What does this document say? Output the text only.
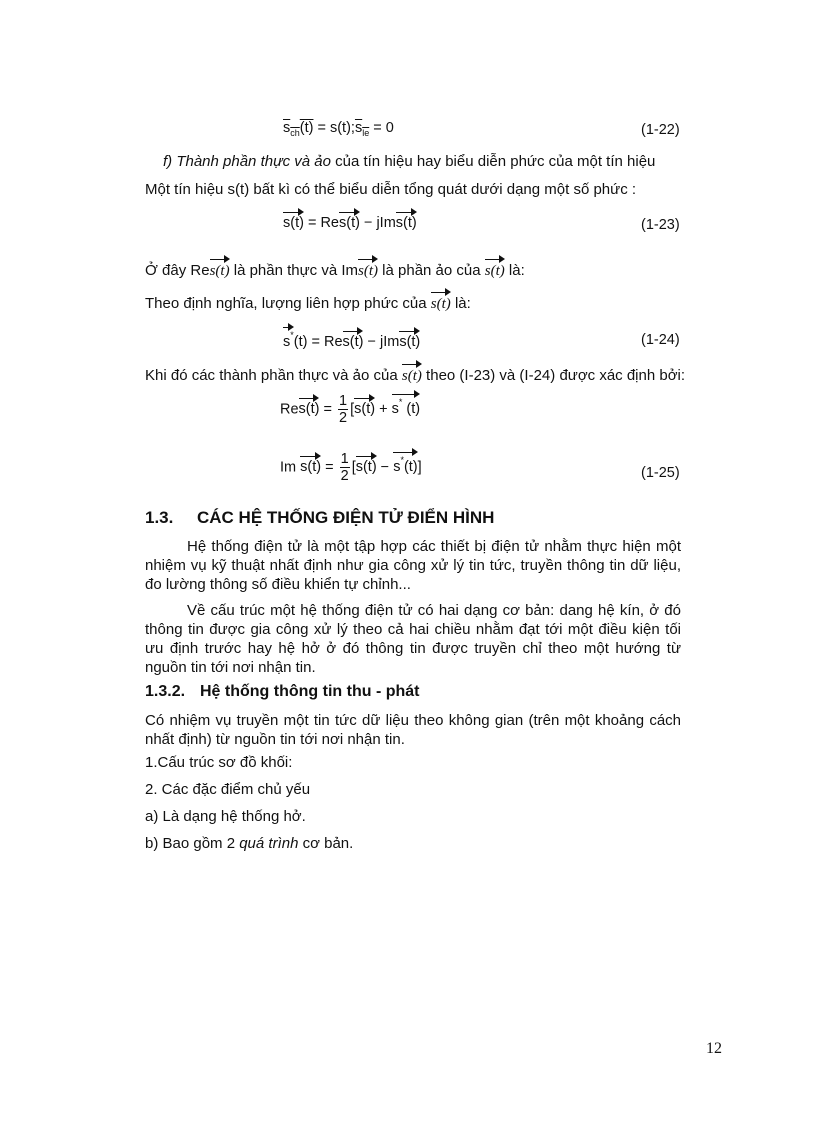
$s_{ch}(t)$ = $s(t);s_{le} = 0$	(1-22)
f) Thành phần thực và ảo của tín hiệu hay biểu diễn phức của một tín hiệu
Một tín hiệu s(t) bất kì có thể biểu diễn tổng quát dưới dạng một số phức :
s(t) = Res(t) − jIms(t)	(1-23)
Ở đây Res(t) là phần thực và Ims(t) là phần ảo của s(t) là:
Theo định nghĩa, lượng liên hợp phức của s(t) là:
s*(t) = Res(t) − jIms(t)	(1-24)
Khi đó các thành phần thực và ảo của s(t) theo (I-23) và (I-24) được xác định bởi:
$Res(t) = \frac{1}{2} [s(t) + s^*$ (t)
Im $s(t) = \frac{1}{2} [s(t) - s^*(t)]$	(1-25)
1.3. CÁC HỆ THỐNG ĐIỆN TỬ ĐIỂN HÌNH
Hệ thống điện tử là một tập hợp các thiết bị điện tử nhằm thực hiện một nhiệm vụ kỹ thuật nhất định như gia công xử lý tin tức, truyền thông tin dữ liệu, đo lường thông số điều khiển tự chỉnh...
Về cấu trúc một hệ thống điện tử có hai dạng cơ bản: dang hệ kín, ở đó thông tin được gia công xử lý theo cả hai chiều nhằm đạt tới một điều kiện tối ưu định trước hay hệ hở ở đó thông tin được truyền chỉ theo một hướng từ nguồn tin tới nơi nhận tin.
1.3.2. Hệ thống thông tin thu - phát
Có nhiệm vụ truyền một tin tức dữ liệu theo không gian (trên một khoảng cách nhất định) từ nguồn tin tới nơi nhận tin.
1.Cấu trúc sơ đồ khối:
2. Các đặc điểm chủ yếu
a) Là dạng hệ thống hở.
b) Bao gồm 2 quá trình cơ bản.
12
